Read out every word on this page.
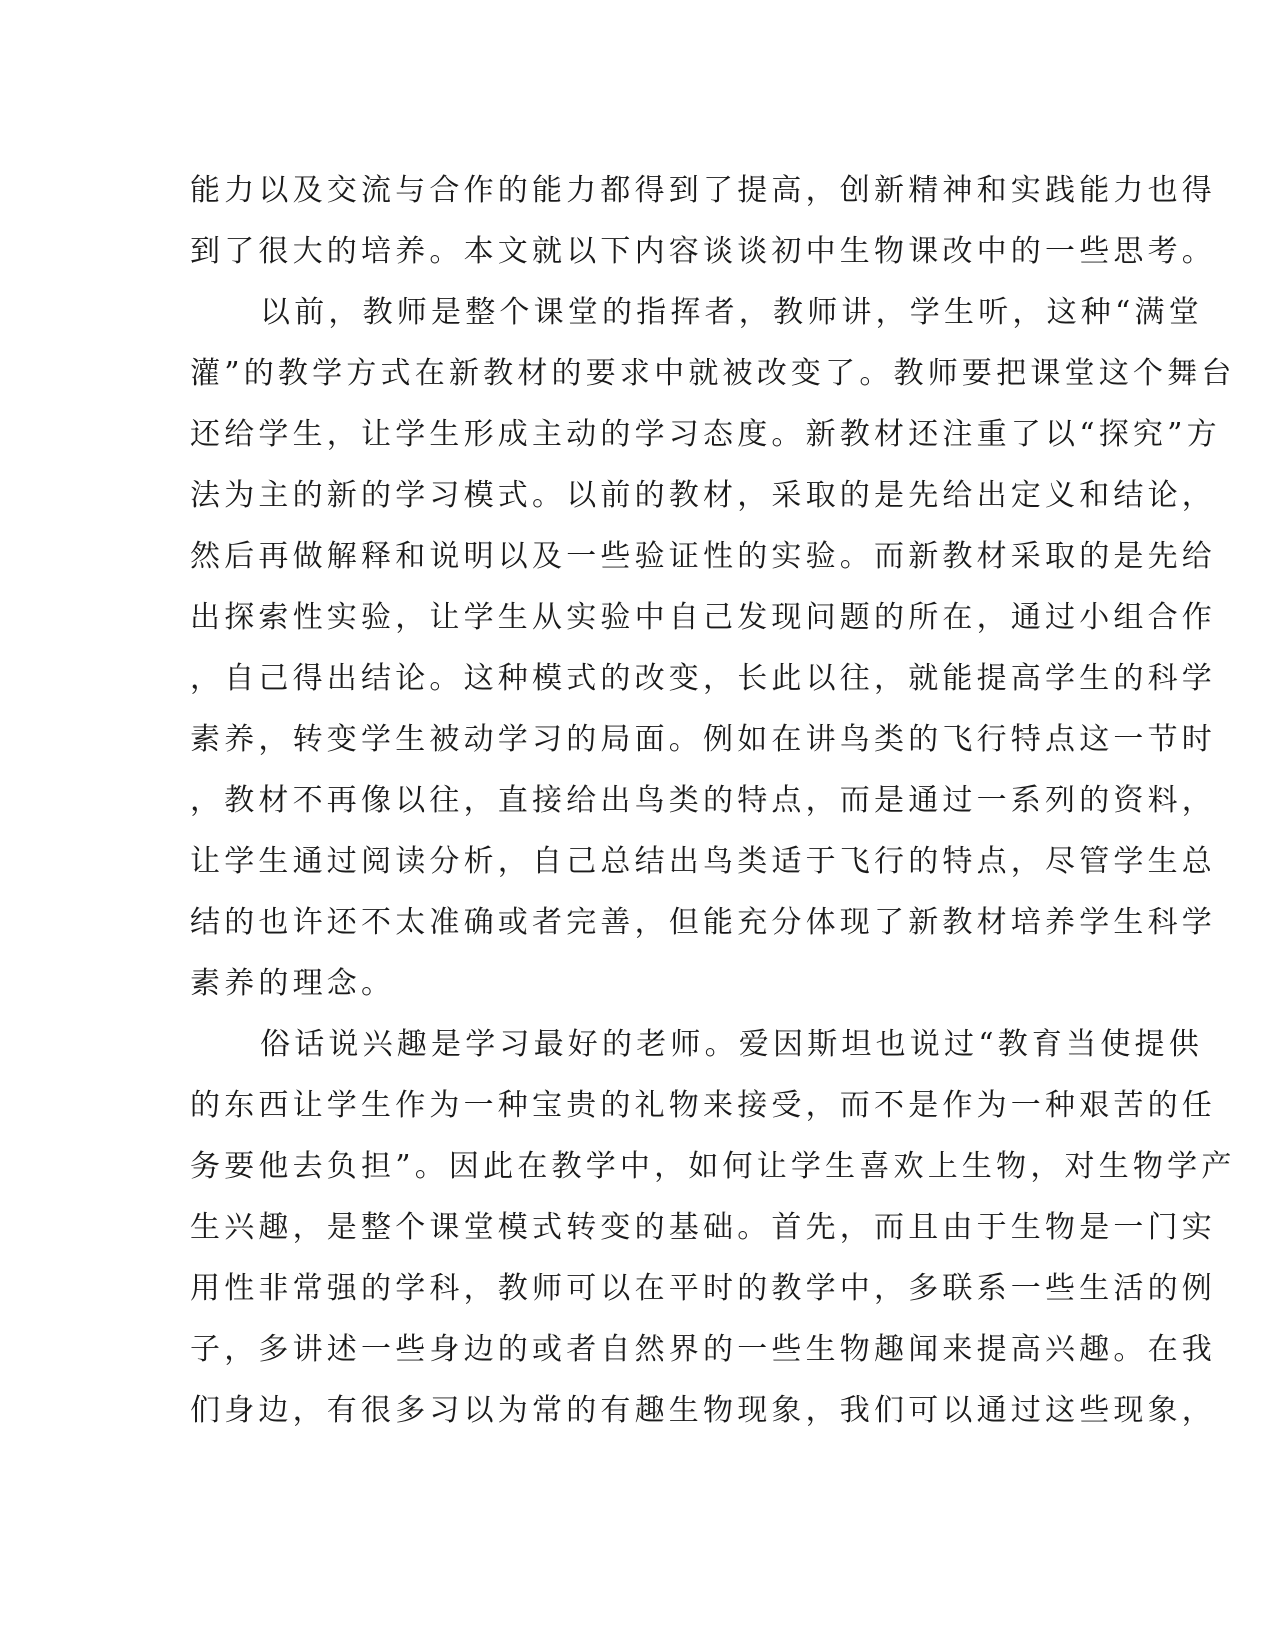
能力以及交流与合作的能力都得到了提高，创新精神和实践能力也得
到了很大的培养。本文就以下内容谈谈初中生物课改中的一些思考。
以前，教师是整个课堂的指挥者，教师讲，学生听，这种“满堂
灌”的教学方式在新教材的要求中就被改变了。教师要把课堂这个舞台
还给学生，让学生形成主动的学习态度。新教材还注重了以“探究”方
法为主的新的学习模式。以前的教材，采取的是先给出定义和结论，
然后再做解释和说明以及一些验证性的实验。而新教材采取的是先给
出探索性实验，让学生从实验中自己发现问题的所在，通过小组合作
，自己得出结论。这种模式的改变，长此以往，就能提高学生的科学
素养，转变学生被动学习的局面。例如在讲鸟类的飞行特点这一节时
，教材不再像以往，直接给出鸟类的特点，而是通过一系列的资料，
让学生通过阅读分析，自己总结出鸟类适于飞行的特点，尽管学生总
结的也许还不太准确或者完善，但能充分体现了新教材培养学生科学
素养的理念。
俗话说兴趣是学习最好的老师。爱因斯坦也说过“教育当使提供
的东西让学生作为一种宝贵的礼物来接受，而不是作为一种艰苦的任
务要他去负担”。因此在教学中，如何让学生喜欢上生物，对生物学产
生兴趣，是整个课堂模式转变的基础。首先，而且由于生物是一门实
用性非常强的学科，教师可以在平时的教学中，多联系一些生活的例
子，多讲述一些身边的或者自然界的一些生物趣闻来提高兴趣。在我
们身边，有很多习以为常的有趣生物现象，我们可以通过这些现象，
